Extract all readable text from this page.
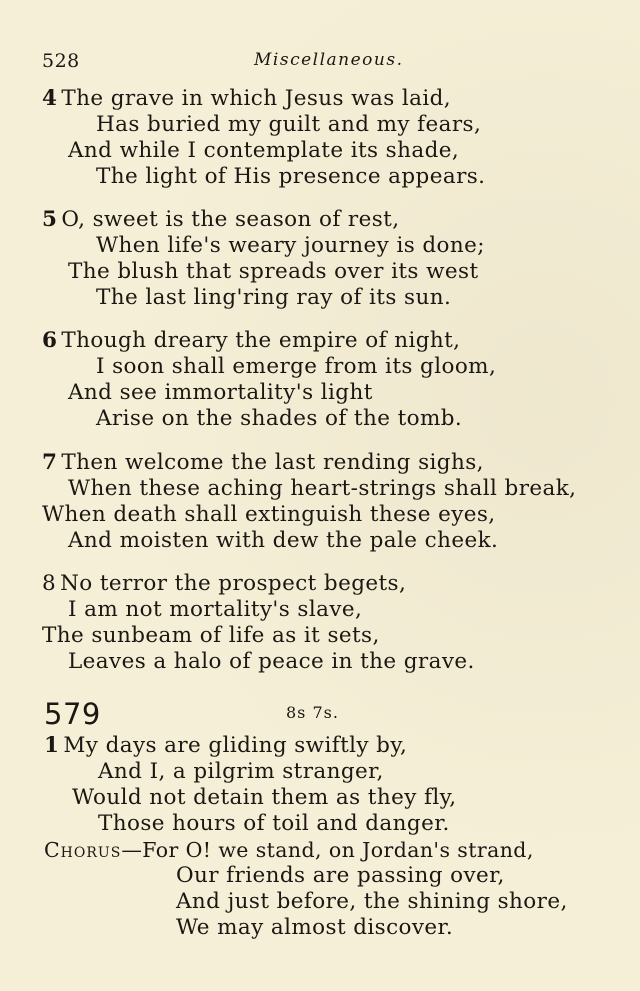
528	Miscellaneous.
4 The grave in which Jesus was laid,
Has buried my guilt and my fears,
And while I contemplate its shade,
The light of His presence appears.
5 O, sweet is the season of rest,
When life's weary journey is done;
The blush that spreads over its west
The last ling'ring ray of its sun.
6 Though dreary the empire of night,
I soon shall emerge from its gloom,
And see immortality's light
Arise on the shades of the tomb.
7 Then welcome the last rending sighs,
When these aching heart-strings shall break,
When death shall extinguish these eyes,
And moisten with dew the pale cheek.
8 No terror the prospect begets,
I am not mortality's slave,
The sunbeam of life as it sets,
Leaves a halo of peace in the grave.
579	8s 7s.
1 My days are gliding swiftly by,
And I, a pilgrim stranger,
Would not detain them as they fly,
Those hours of toil and danger.
Chorus—For O! we stand, on Jordan's strand,
Our friends are passing over,
And just before, the shining shore,
We may almost discover.
